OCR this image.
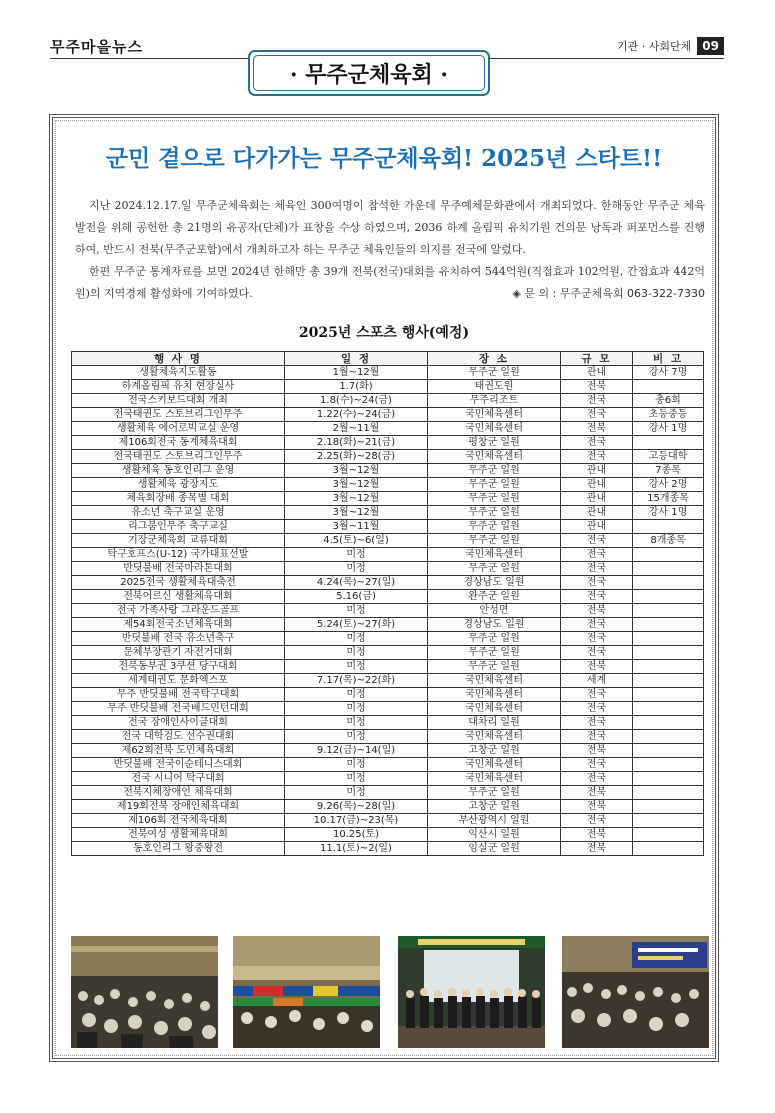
무주마을뉴스	기관 · 사회단체 09
· 무주군체육회 ·
군민 곁으로 다가가는 무주군체육회! 2025년 스타트!!

지난 2024.12.17.일 무주군체육회는 체육인 300여명이 참석한 가운데 무주예체문화관에서 개최되었다. 한해동안 무주군 체육 발전을 위해 공헌한 총 21명의 유공자(단체)가 표창을 수상 하였으며, 2036 하계 올림픽 유치기원 건의문 낭독과 퍼포먼스를 진행하여, 반드시 전북(무주군포함)에서 개최하고자 하는 무주군 체육인들의 의지를 전국에 알렸다.

한편 무주군 통계자료를 보면 2024년 한해만 총 39개 전북(전국)대회를 유치하여 544억원(직접효과 102억원, 간접효과 442억원)의 지역경제 활성화에 기여하였다.	◈ 문 의 : 무주군체육회 063-322-7330
2025년 스포츠 행사(예정)
행 사 명	일 정	장 소	규 모	비 고
생활체육지도활동	1월~12월	무주군 일원	관내	강사 7명
하계올림픽 유치 현장실사	1.7(화)	태권도원	전북	
전국스키보드대회 개최	1.8(수)~24(금)	무주리조트	전국	총6회
전국태권도 스토브리그인무주	1.22(수)~24(금)	국민체육센터	전국	초등중등
생활체육 에어로빅교실 운영	2월~11월	국민체육센터	전북	강사 1명
제106회전국 동계체육대회	2.18(화)~21(금)	평창군 일원	전국	
전국태권도 스토브리그인무주	2.25(화)~28(금)	국민체육센터	전국	고등대학
생활체육 동호인리그 운영	3월~12월	무주군 일원	관내	7종목
생활체육 광장지도	3월~12월	무주군 일원	관내	강사 2명
체육회장배 종목별 대회	3월~12월	무주군 일원	관내	15개종목
유소년 축구교실 운영	3월~12월	무주군 일원	관내	강사 1명
리그붐인무주 축구교실	3월~11월	무주군 일원	관내	
기장군체육회 교류대회	4.5(토)~6(일)	무주군 일원	전국	8개종목
탁구호프스(U-12) 국가대표선발	미정	국민체육센터	전국	
반딧불배 전국마라톤대회	미정	무주군 일원	전국	
2025전국 생활체육대축전	4.24(목)~27(일)	경상남도 일원	전국	
전북어르신 생활체육대회	5.16(금)	완주군 일원	전국	
전국 가족사랑 그라운드골프	미정	안성면	전북	
제54회전국소년체육대회	5.24(토)~27(화)	경상남도 일원	전국	
반딧불배 전국 유소년축구	미정	무주군 일원	전국	
문체부장관기 자전거대회	미정	무주군 일원	전국	
전북동부권 3쿠션 당구대회	미정	무주군 일원	전북	
세계태권도 문화엑스포	7.17(목)~22(화)	국민체육센터	세계	
무주 반딧불배 전국탁구대회	미정	국민체육센터	전국	
무주 반딧불배 전국배드민턴대회	미정	국민체육센터	전국	
전국 장애인사이클대회	미정	대차리 일원	전국	
전국 대학검도 선수권대회	미정	국민체육센터	전국	
제62회전북 도민체육대회	9.12(금)~14(일)	고창군 일원	전북	
반딧불배 전국이순테니스대회	미정	국민체육센터	전국	
전국 시니어 탁구대회	미정	국민체육센터	전국	
전북지체장애인 체육대회	미정	무주군 일원	전북	
제19회전북 장애인체육대회	9.26(목)~28(일)	고창군 일원	전북	
제106회 전국체육대회	10.17(금)~23(목)	부산광역시 일원	전국	
전북여성 생활체육대회	10.25(토)	익산시 일원	전북	
동호인리그 왕중왕전	11.1(토)~2(일)	임실군 일원	전북	
